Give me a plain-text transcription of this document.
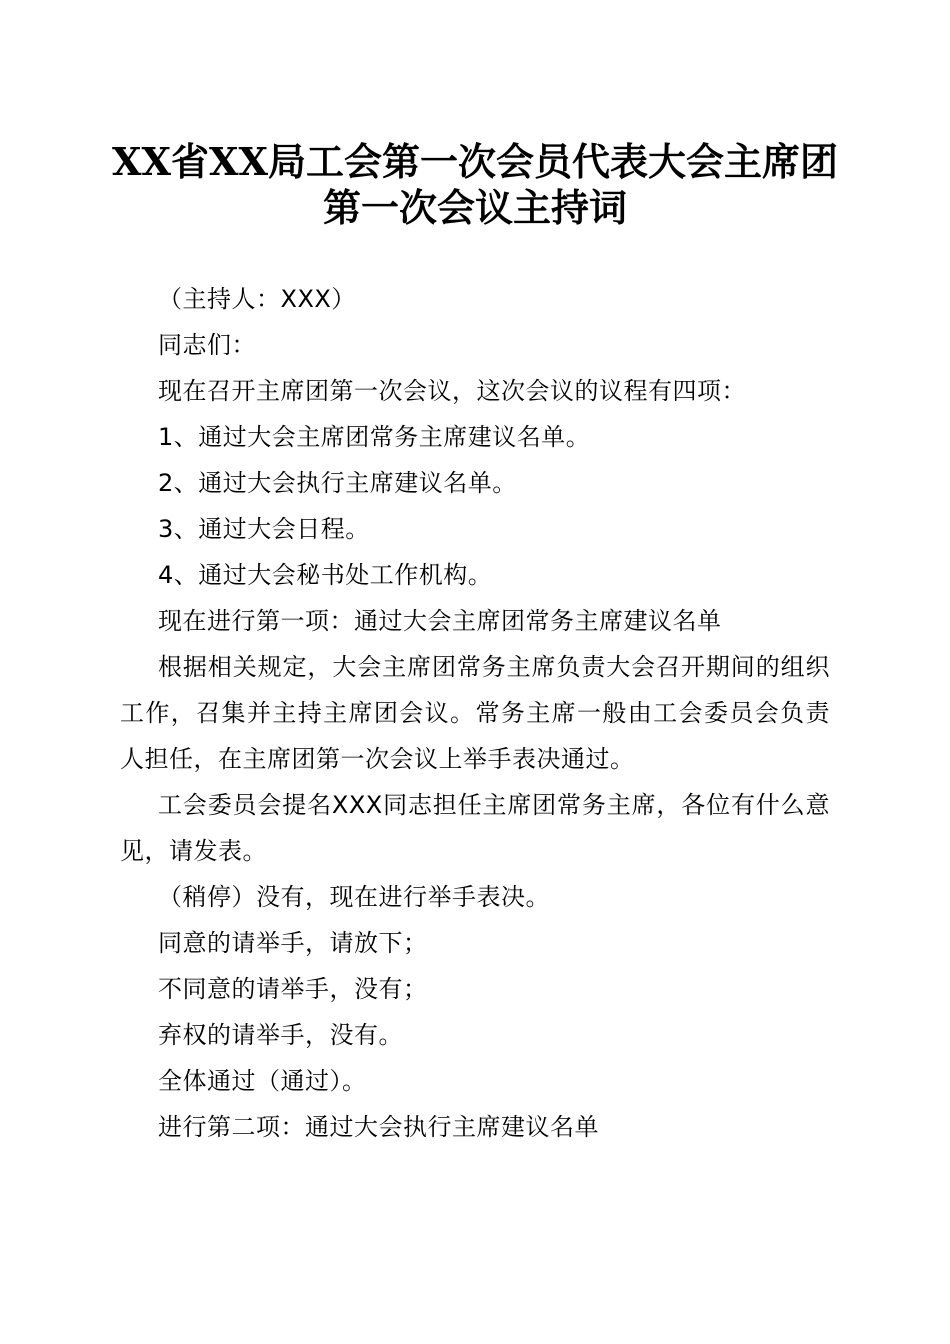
XX省XX局工会第一次会员代表大会主席团
第一次会议主持词

（主持人：XXX）

同志们：

现在召开主席团第一次会议，这次会议的议程有四项：

1、通过大会主席团常务主席建议名单。

2、通过大会执行主席建议名单。

3、通过大会日程。

4、通过大会秘书处工作机构。

现在进行第一项：通过大会主席团常务主席建议名单

根据相关规定，大会主席团常务主席负责大会召开期间的组织工作，召集并主持主席团会议。常务主席一般由工会委员会负责人担任，在主席团第一次会议上举手表决通过。

工会委员会提名XXX同志担任主席团常务主席，各位有什么意见，请发表。

（稍停）没有，现在进行举手表决。

同意的请举手，请放下；

不同意的请举手，没有；

弃权的请举手，没有。

全体通过（通过）。

进行第二项：通过大会执行主席建议名单
